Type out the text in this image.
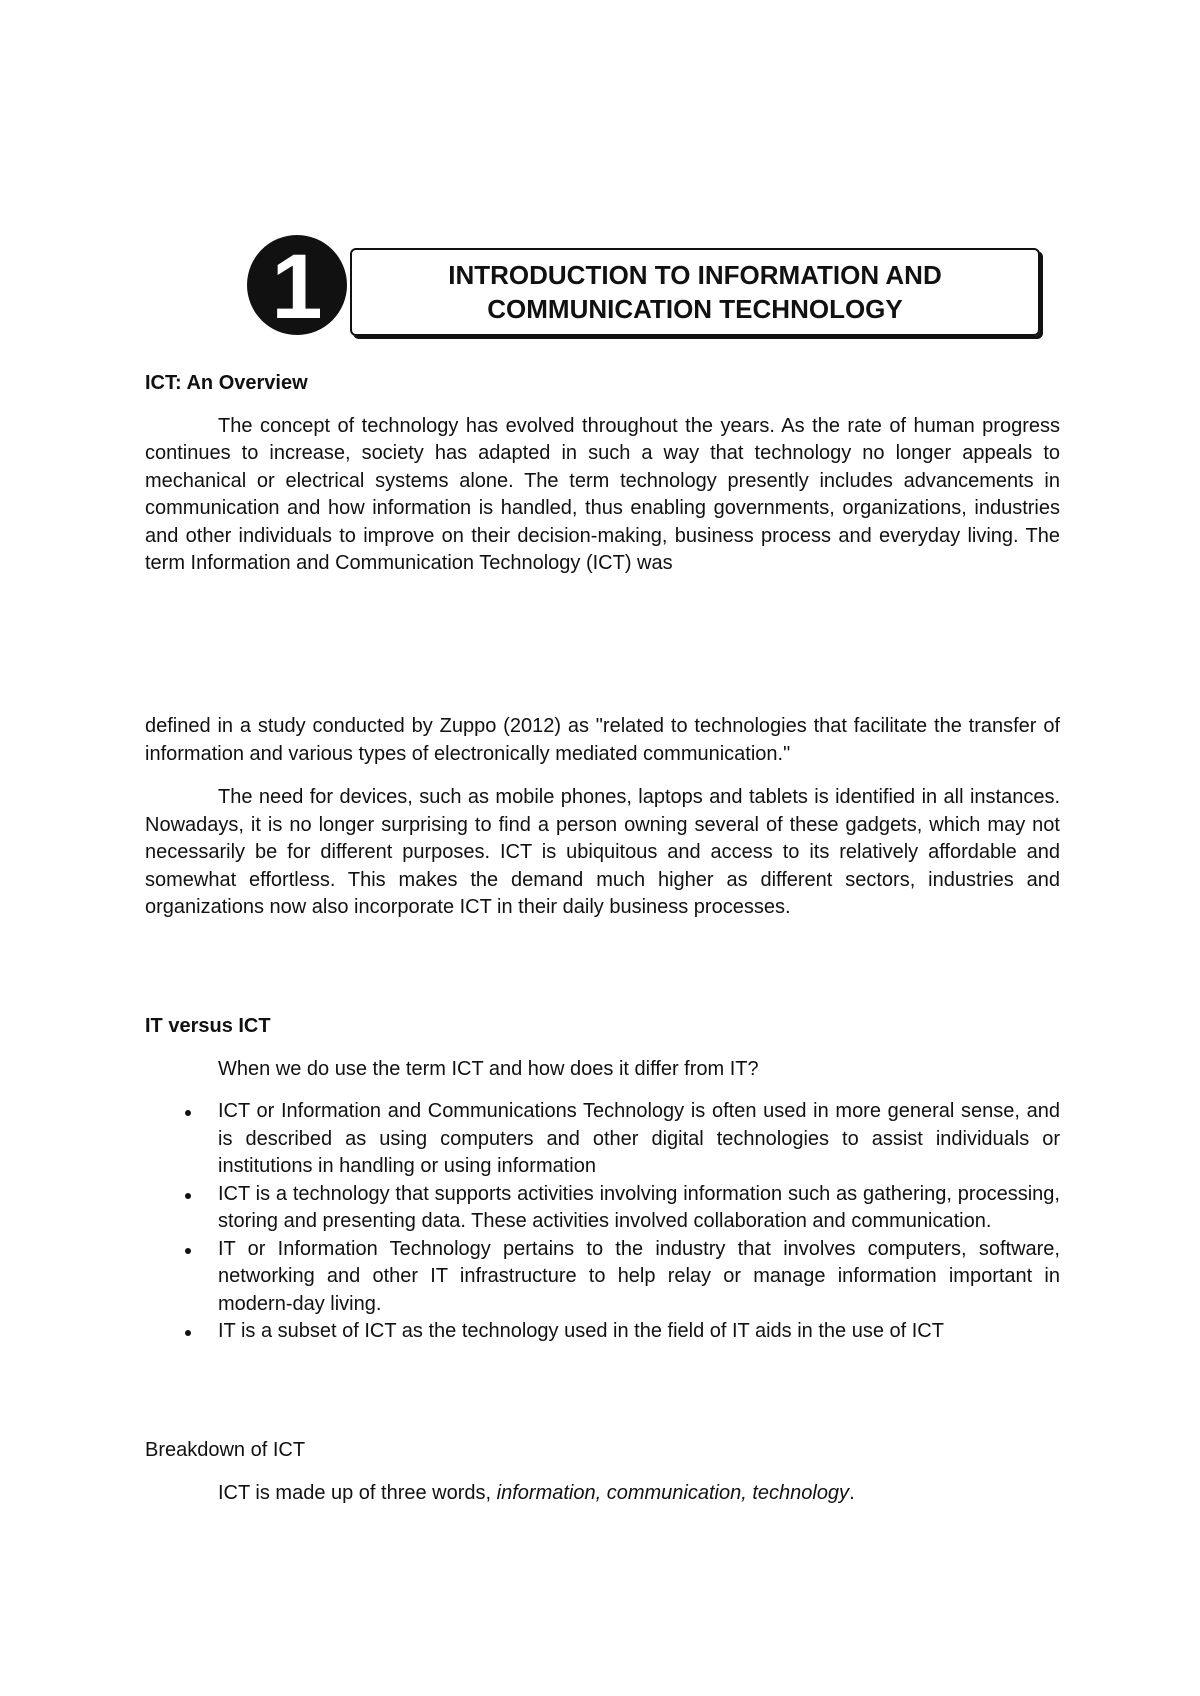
1	INTRODUCTION TO INFORMATION AND COMMUNICATION TECHNOLOGY

ICT: An Overview

The concept of technology has evolved throughout the years. As the rate of human progress continues to increase, society has adapted in such a way that technology no longer appeals to mechanical or electrical systems alone. The term technology presently includes advancements in communication and how information is handled, thus enabling governments, organizations, industries and other individuals to improve on their decision-making, business process and everyday living. The term Information and Communication Technology (ICT) was

defined in a study conducted by Zuppo (2012) as "related to technologies that facilitate the transfer of information and various types of electronically mediated communication."

The need for devices, such as mobile phones, laptops and tablets is identified in all instances. Nowadays, it is no longer surprising to find a person owning several of these gadgets, which may not necessarily be for different purposes. ICT is ubiquitous and access to its relatively affordable and somewhat effortless. This makes the demand much higher as different sectors, industries and organizations now also incorporate ICT in their daily business processes.

IT versus ICT

When we do use the term ICT and how does it differ from IT?

ICT or Information and Communications Technology is often used in more general sense, and is described as using computers and other digital technologies to assist individuals or institutions in handling or using information
ICT is a technology that supports activities involving information such as gathering, processing, storing and presenting data. These activities involved collaboration and communication.
IT or Information Technology pertains to the industry that involves computers, software, networking and other IT infrastructure to help relay or manage information important in modern-day living.
IT is a subset of ICT as the technology used in the field of IT aids in the use of ICT

Breakdown of ICT

ICT is made up of three words, information, communication, technology.
